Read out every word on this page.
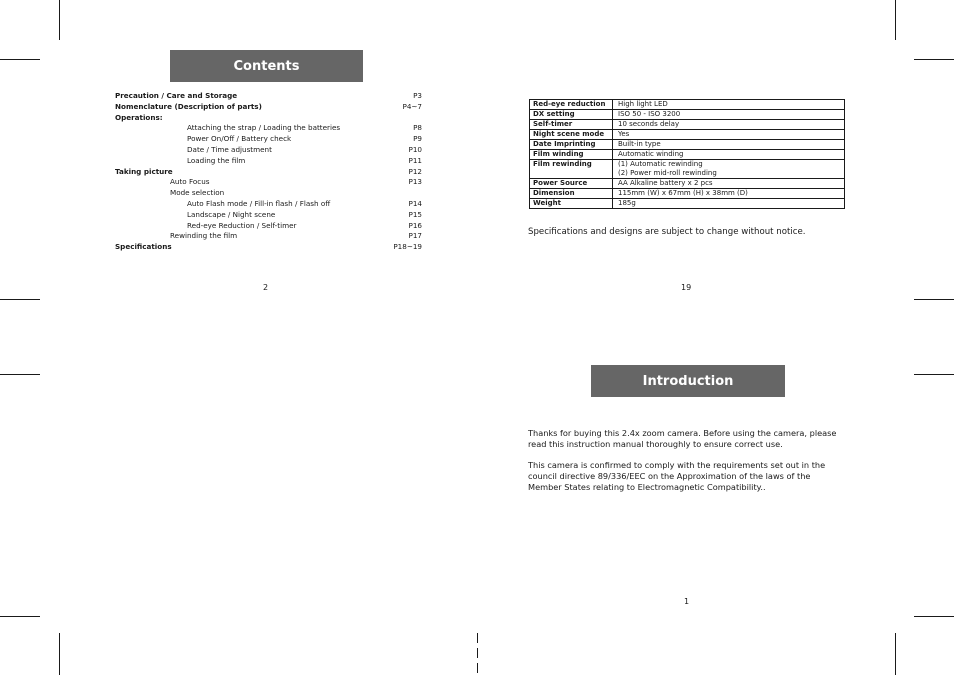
Contents
Precaution / Care and Storage	P3
Nomenclature (Description of parts)	P4~7
Operations:
Attaching the strap / Loading the batteries	P8
Power On/Off / Battery check	P9
Date / Time adjustment	P10
Loading the film	P11
Taking picture	P12
Auto Focus	P13
Mode selection
Auto Flash mode / Fill-in flash / Flash off	P14
Landscape / Night scene	P15
Red-eye Reduction / Self-timer	P16
Rewinding the film	P17
Specifications	P18~19
2
Red-eye reduction	High light LED

DX setting	ISO 50 - ISO 3200

Self-timer	10 seconds delay

Night scene mode	Yes

Date Imprinting	Built-in type

Film winding	Automatic winding

Film rewinding	(1) Automatic rewinding
(2) Power mid-roll rewinding

Power Source	AA Alkaline battery x 2 pcs

Dimension	115mm (W) x 67mm (H) x 38mm (D)

Weight	185g
Specifications and designs are subject to change without notice.
19
Introduction
Thanks for buying this 2.4x zoom camera. Before using the camera, please
read this instruction manual thoroughly to ensure correct use.
This camera is confirmed to comply with the requirements set out in the
council directive 89/336/EEC on the Approximation of the laws of the
Member States relating to Electromagnetic Compatibility..
1
